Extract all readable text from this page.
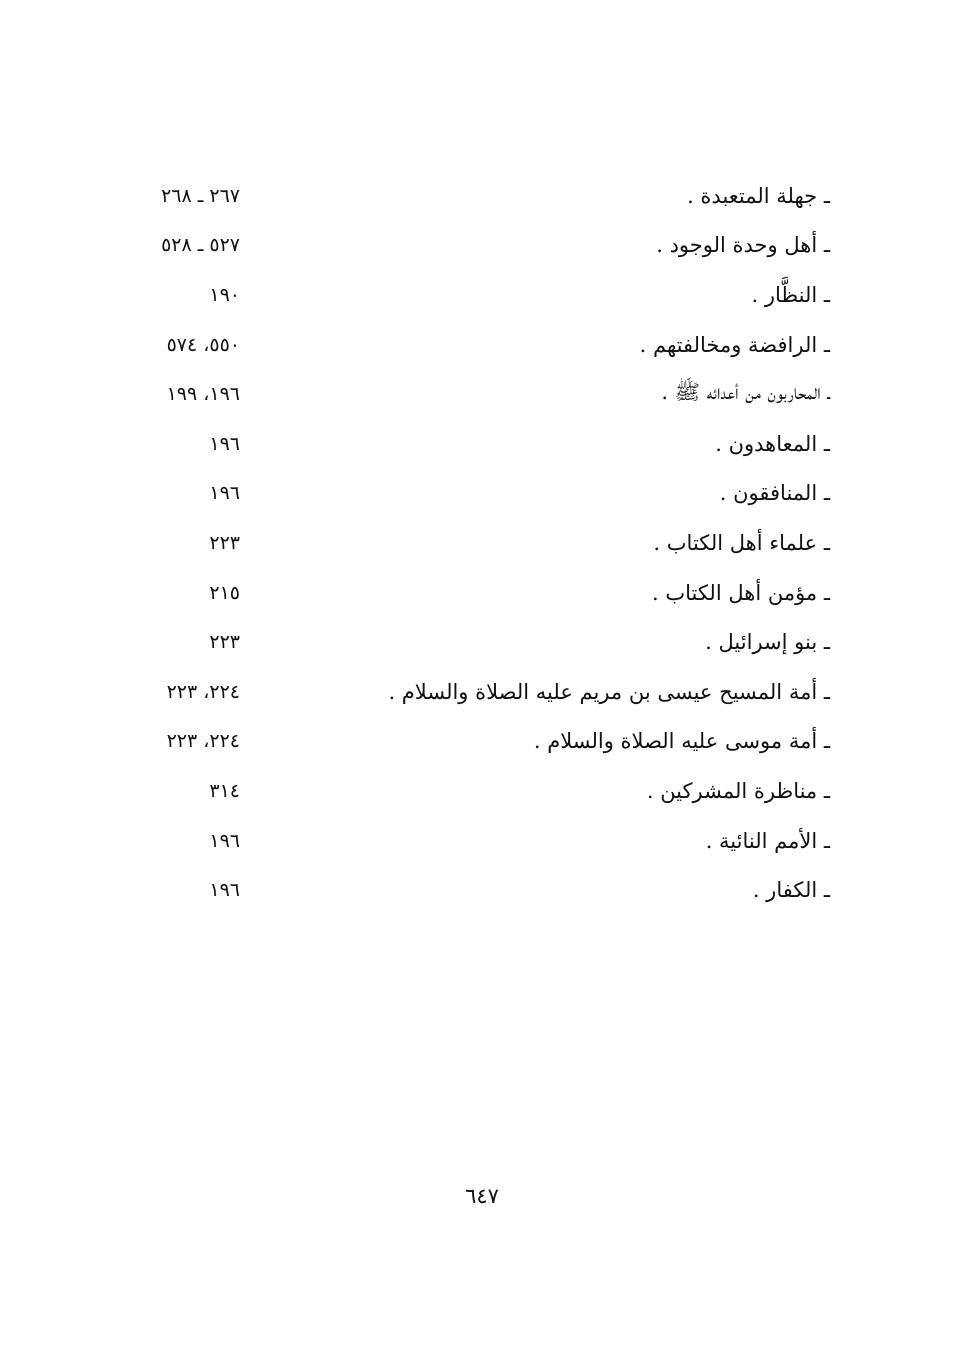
ـ جهلة المتعبدة .
٢٦٧ ـ ٢٦٨
ـ أهل وحدة الوجود .
٥٢٧ ـ ٥٢٨
ـ النظَّار .
١٩٠
ـ الرافضة ومخالفتهم .
٥٥٠، ٥٧٤
ـ المحاربون من أعدائه ﷺ .
١٩٦، ١٩٩
ـ المعاهدون .
١٩٦
ـ المنافقون .
١٩٦
ـ علماء أهل الكتاب .
٢٢٣
ـ مؤمن أهل الكتاب .
٢١٥
ـ بنو إسرائيل .
٢٢٣
ـ أمة المسيح عيسى بن مريم عليه الصلاة والسلام .
٢٢٤، ٢٢٣
ـ أمة موسى عليه الصلاة والسلام .
٢٢٤، ٢٢٣
ـ مناظرة المشركين .
٣١٤
ـ الأمم النائية .
١٩٦
ـ الكفار .
١٩٦
٦٤٧
